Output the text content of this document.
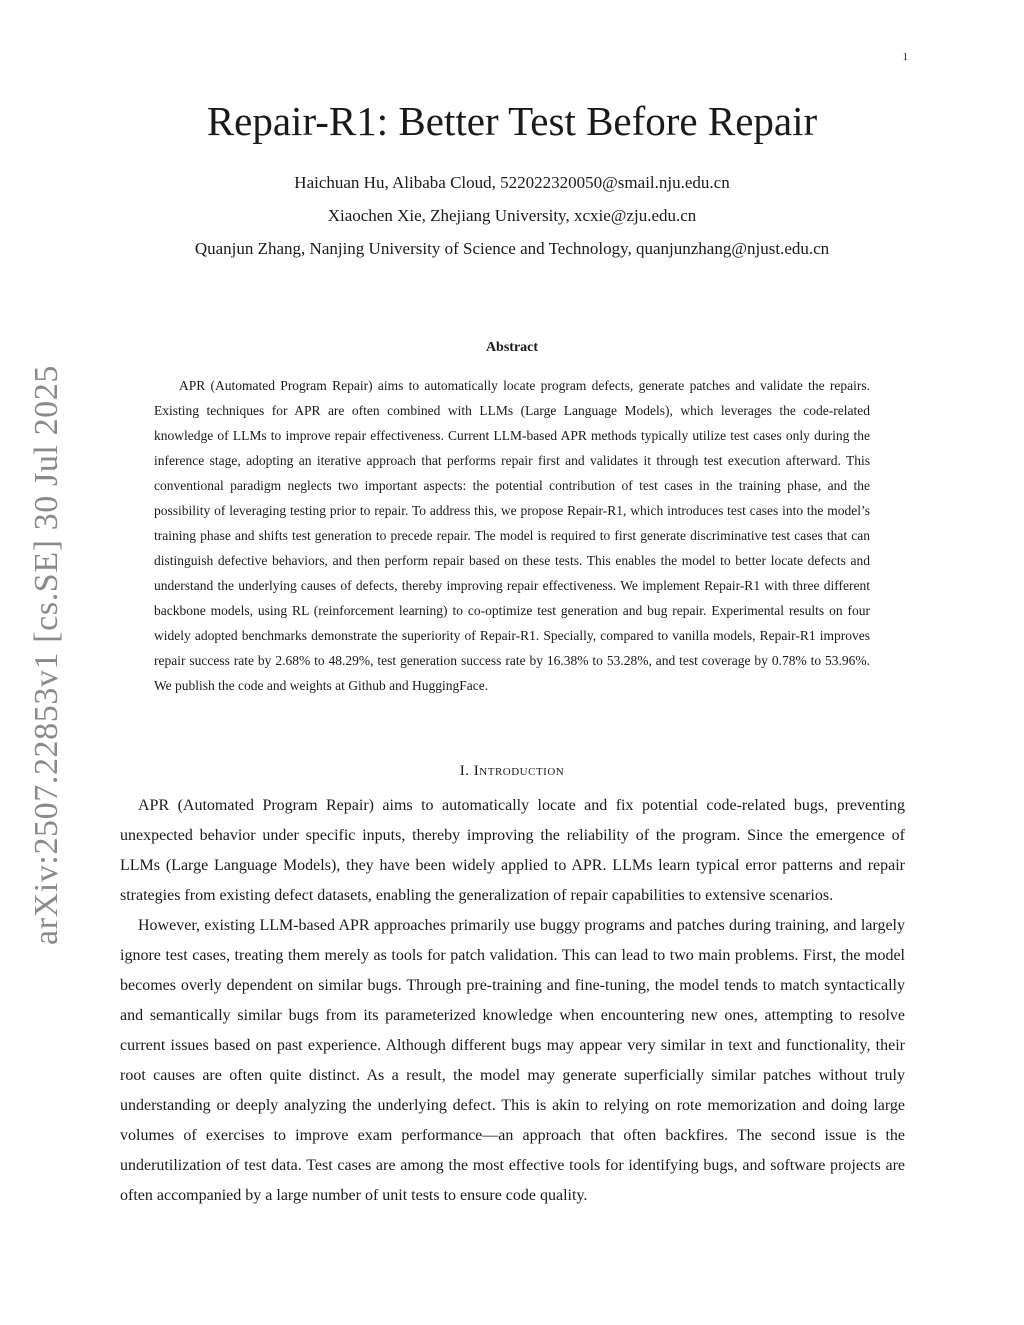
1
arXiv:2507.22853v1 [cs.SE] 30 Jul 2025
Repair-R1: Better Test Before Repair
Haichuan Hu, Alibaba Cloud, 522022320050@smail.nju.edu.cn
Xiaochen Xie, Zhejiang University, xcxie@zju.edu.cn
Quanjun Zhang, Nanjing University of Science and Technology, quanjunzhang@njust.edu.cn
Abstract

APR (Automated Program Repair) aims to automatically locate program defects, generate patches and validate the repairs. Existing techniques for APR are often combined with LLMs (Large Language Models), which leverages the code-related knowledge of LLMs to improve repair effectiveness. Current LLM-based APR methods typically utilize test cases only during the inference stage, adopting an iterative approach that performs repair first and validates it through test execution afterward. This conventional paradigm neglects two important aspects: the potential contribution of test cases in the training phase, and the possibility of leveraging testing prior to repair. To address this, we propose Repair-R1, which introduces test cases into the model’s training phase and shifts test generation to precede repair. The model is required to first generate discriminative test cases that can distinguish defective behaviors, and then perform repair based on these tests. This enables the model to better locate defects and understand the underlying causes of defects, thereby improving repair effectiveness. We implement Repair-R1 with three different backbone models, using RL (reinforcement learning) to co-optimize test generation and bug repair. Experimental results on four widely adopted benchmarks demonstrate the superiority of Repair-R1. Specially, compared to vanilla models, Repair-R1 improves repair success rate by 2.68% to 48.29%, test generation success rate by 16.38% to 53.28%, and test coverage by 0.78% to 53.96%. We publish the code and weights at Github and HuggingFace.

I. Introduction

APR (Automated Program Repair) aims to automatically locate and fix potential code-related bugs, preventing unexpected behavior under specific inputs, thereby improving the reliability of the program. Since the emergence of LLMs (Large Language Models), they have been widely applied to APR. LLMs learn typical error patterns and repair strategies from existing defect datasets, enabling the generalization of repair capabilities to extensive scenarios.

However, existing LLM-based APR approaches primarily use buggy programs and patches during training, and largely ignore test cases, treating them merely as tools for patch validation. This can lead to two main problems. First, the model becomes overly dependent on similar bugs. Through pre-training and fine-tuning, the model tends to match syntactically and semantically similar bugs from its parameterized knowledge when encountering new ones, attempting to resolve current issues based on past experience. Although different bugs may appear very similar in text and functionality, their root causes are often quite distinct. As a result, the model may generate superficially similar patches without truly understanding or deeply analyzing the underlying defect. This is akin to relying on rote memorization and doing large volumes of exercises to improve exam performance—an approach that often backfires. The second issue is the underutilization of test data. Test cases are among the most effective tools for identifying bugs, and software projects are often accompanied by a large number of unit tests to ensure code quality.
